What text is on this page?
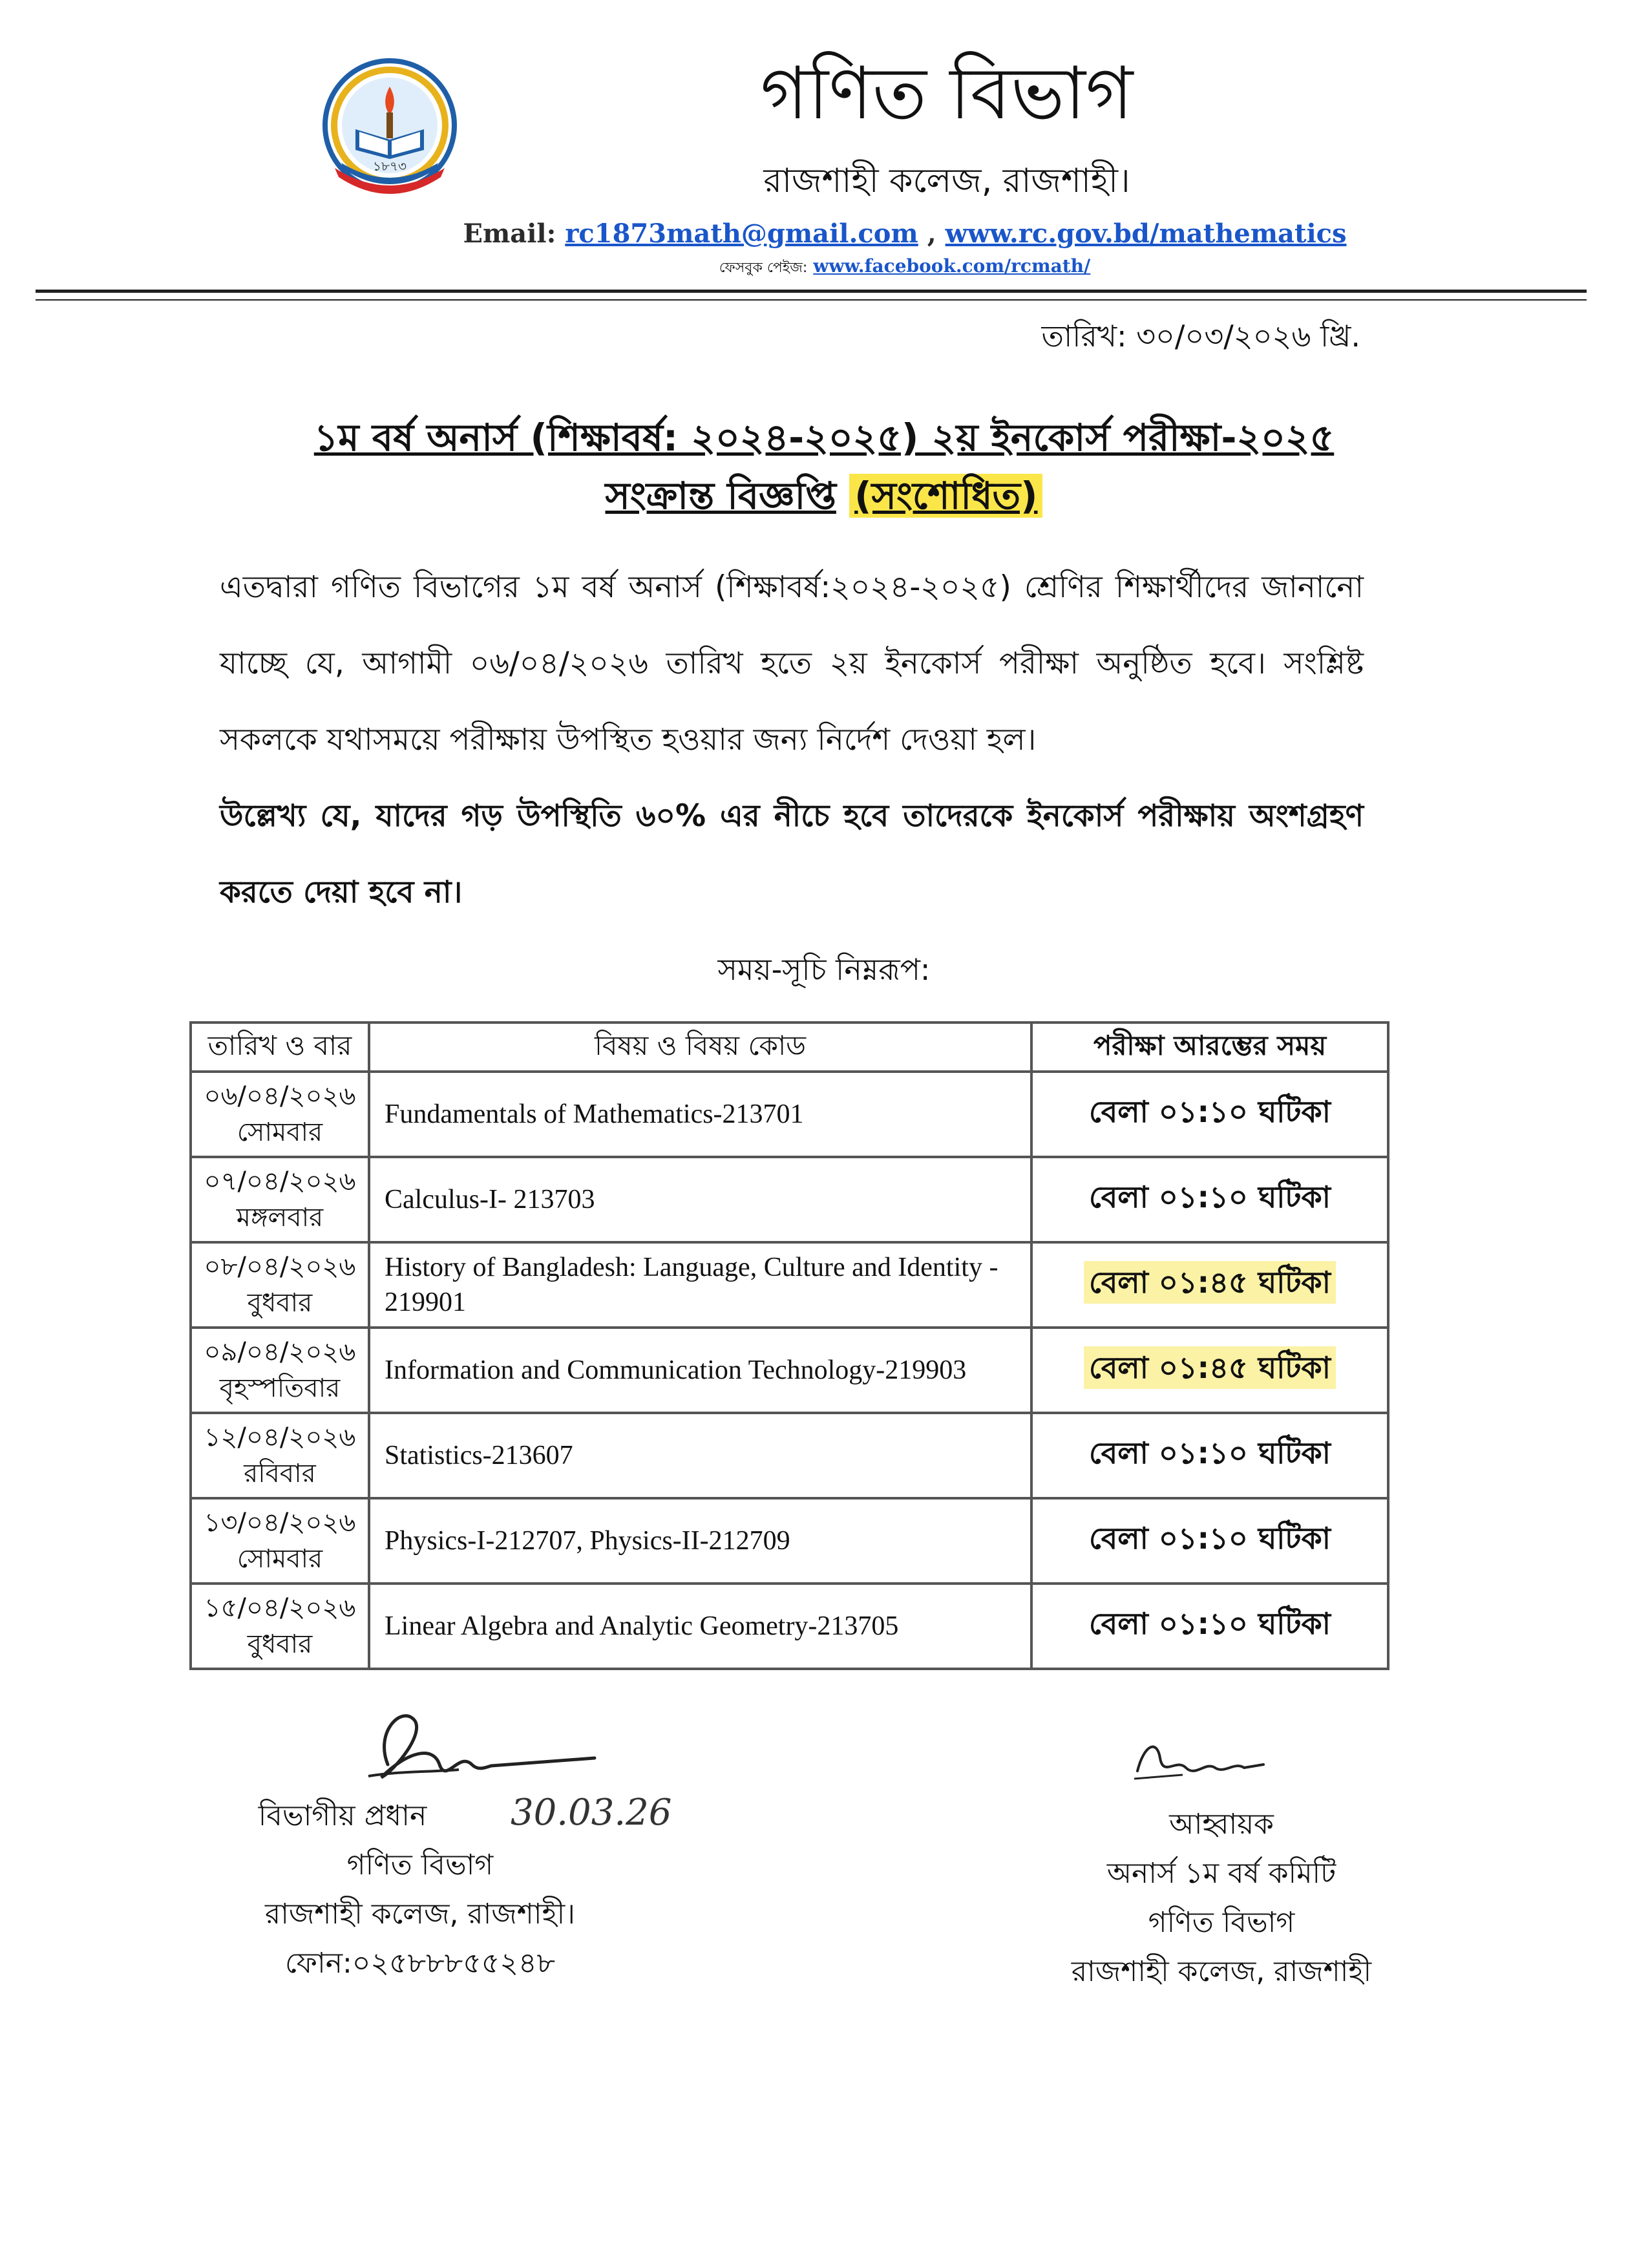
১৮৭৩
গণিত বিভাগ
রাজশাহী কলেজ, রাজশাহী।
Email: rc1873math@gmail.com , www.rc.gov.bd/mathematics
ফেসবুক পেইজ: www.facebook.com/rcmath/
তারিখ: ৩০/০৩/২০২৬ খ্রি.
১ম বর্ষ অনার্স (শিক্ষাবর্ষ: ২০২৪-২০২৫) ২য় ইনকোর্স পরীক্ষা-২০২৫
সংক্রান্ত বিজ্ঞপ্তি (সংশোধিত)
এতদ্বারা গণিত বিভাগের ১ম বর্ষ অনার্স (শিক্ষাবর্ষ:২০২৪-২০২৫) শ্রেণির শিক্ষার্থীদের জানানো যাচ্ছে যে, আগামী ০৬/০৪/২০২৬ তারিখ হতে ২য় ইনকোর্স পরীক্ষা অনুষ্ঠিত হবে। সংশ্লিষ্ট সকলকে যথাসময়ে পরীক্ষায় উপস্থিত হওয়ার জন্য নির্দেশ দেওয়া হল।
উল্লেখ্য যে, যাদের গড় উপস্থিতি ৬০% এর নীচে হবে তাদেরকে ইনকোর্স পরীক্ষায় অংশগ্রহণ করতে দেয়া হবে না।
সময়-সূচি নিম্নরূপ:
তারিখ ও বার	বিষয় ও বিষয় কোড	পরীক্ষা আরম্ভের সময়

০৬/০৪/২০২৬
সোমবার	Fundamentals of Mathematics-213701	বেলা ০১:১০ ঘটিকা

০৭/০৪/২০২৬
মঙ্গলবার	Calculus-I- 213703	বেলা ০১:১০ ঘটিকা

০৮/০৪/২০২৬
বুধবার	History of Bangladesh: Language, Culture and Identity - 219901	বেলা ০১:৪৫ ঘটিকা

০৯/০৪/২০২৬
বৃহস্পতিবার	Information and Communication Technology-219903	বেলা ০১:৪৫ ঘটিকা

১২/০৪/২০২৬
রবিবার	Statistics-213607	বেলা ০১:১০ ঘটিকা

১৩/০৪/২০২৬
সোমবার	Physics-I-212707, Physics-II-212709	বেলা ০১:১০ ঘটিকা

১৫/০৪/২০২৬
বুধবার	Linear Algebra and Analytic Geometry-213705	বেলা ০১:১০ ঘটিকা
30.03.26
বিভাগীয় প্রধান
গণিত বিভাগ
রাজশাহী কলেজ, রাজশাহী।
ফোন:০২৫৮৮৮৫৫২৪৮
আহ্বায়ক
অনার্স ১ম বর্ষ কমিটি
গণিত বিভাগ
রাজশাহী কলেজ, রাজশাহী
